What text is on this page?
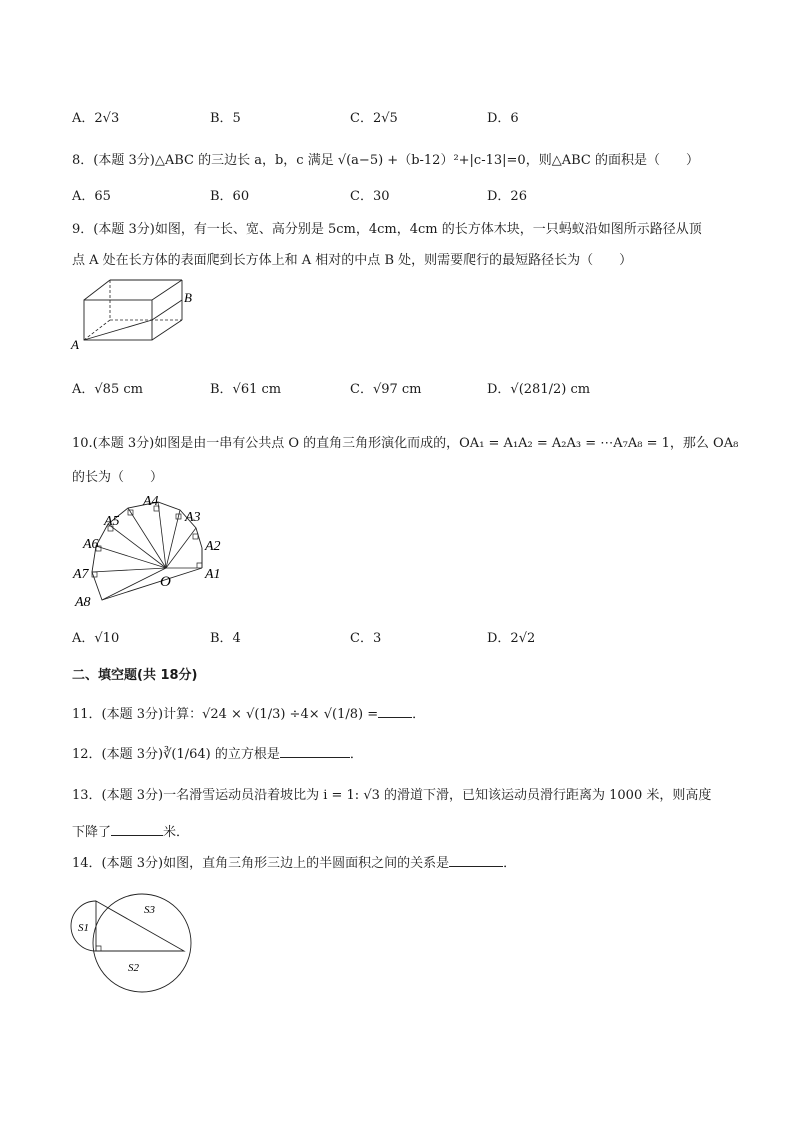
A．2√3	B．5	C．2√5	D．6
8．(本题 3分)△ABC 的三边长 a，b，c 满足 √(a−5) +（b-12）²+|c-13|=0，则△ABC 的面积是（　　）
A．65	B．60	C．30	D．26
9．(本题 3分)如图，有一长、宽、高分别是 5cm，4cm，4cm 的长方体木块，一只蚂蚁沿如图所示路径从顶
点 A 处在长方体的表面爬到长方体上和 A 相对的中点 B 处，则需要爬行的最短路径长为（　　）
B
A
A．√85 cm	B．√61 cm	C．√97 cm	D．√(281/2) cm
10.(本题 3分)如图是由一串有公共点 O 的直角三角形演化而成的，OA₁ = A₁A₂ = A₂A₃ = ⋯A₇A₈ = 1，那么 OA₈
的长为（　　）
O A1
A2
A3
A4
A5
A6
A7
A8
A．√10	B．4	C．3	D．2√2
二、填空题(共 18分)
11．(本题 3分)计算：√24 × √(1/3) ÷4× √(1/8) =	．
12．(本题 3分)∛(1/64) 的立方根是	．
13．(本题 3分)一名滑雪运动员沿着坡比为 i = 1: √3 的滑道下滑，已知该运动员滑行距离为 1000 米，则高度
下降了	米．
14．(本题 3分)如图，直角三角形三边上的半圆面积之间的关系是	．
S1
S3
S2
